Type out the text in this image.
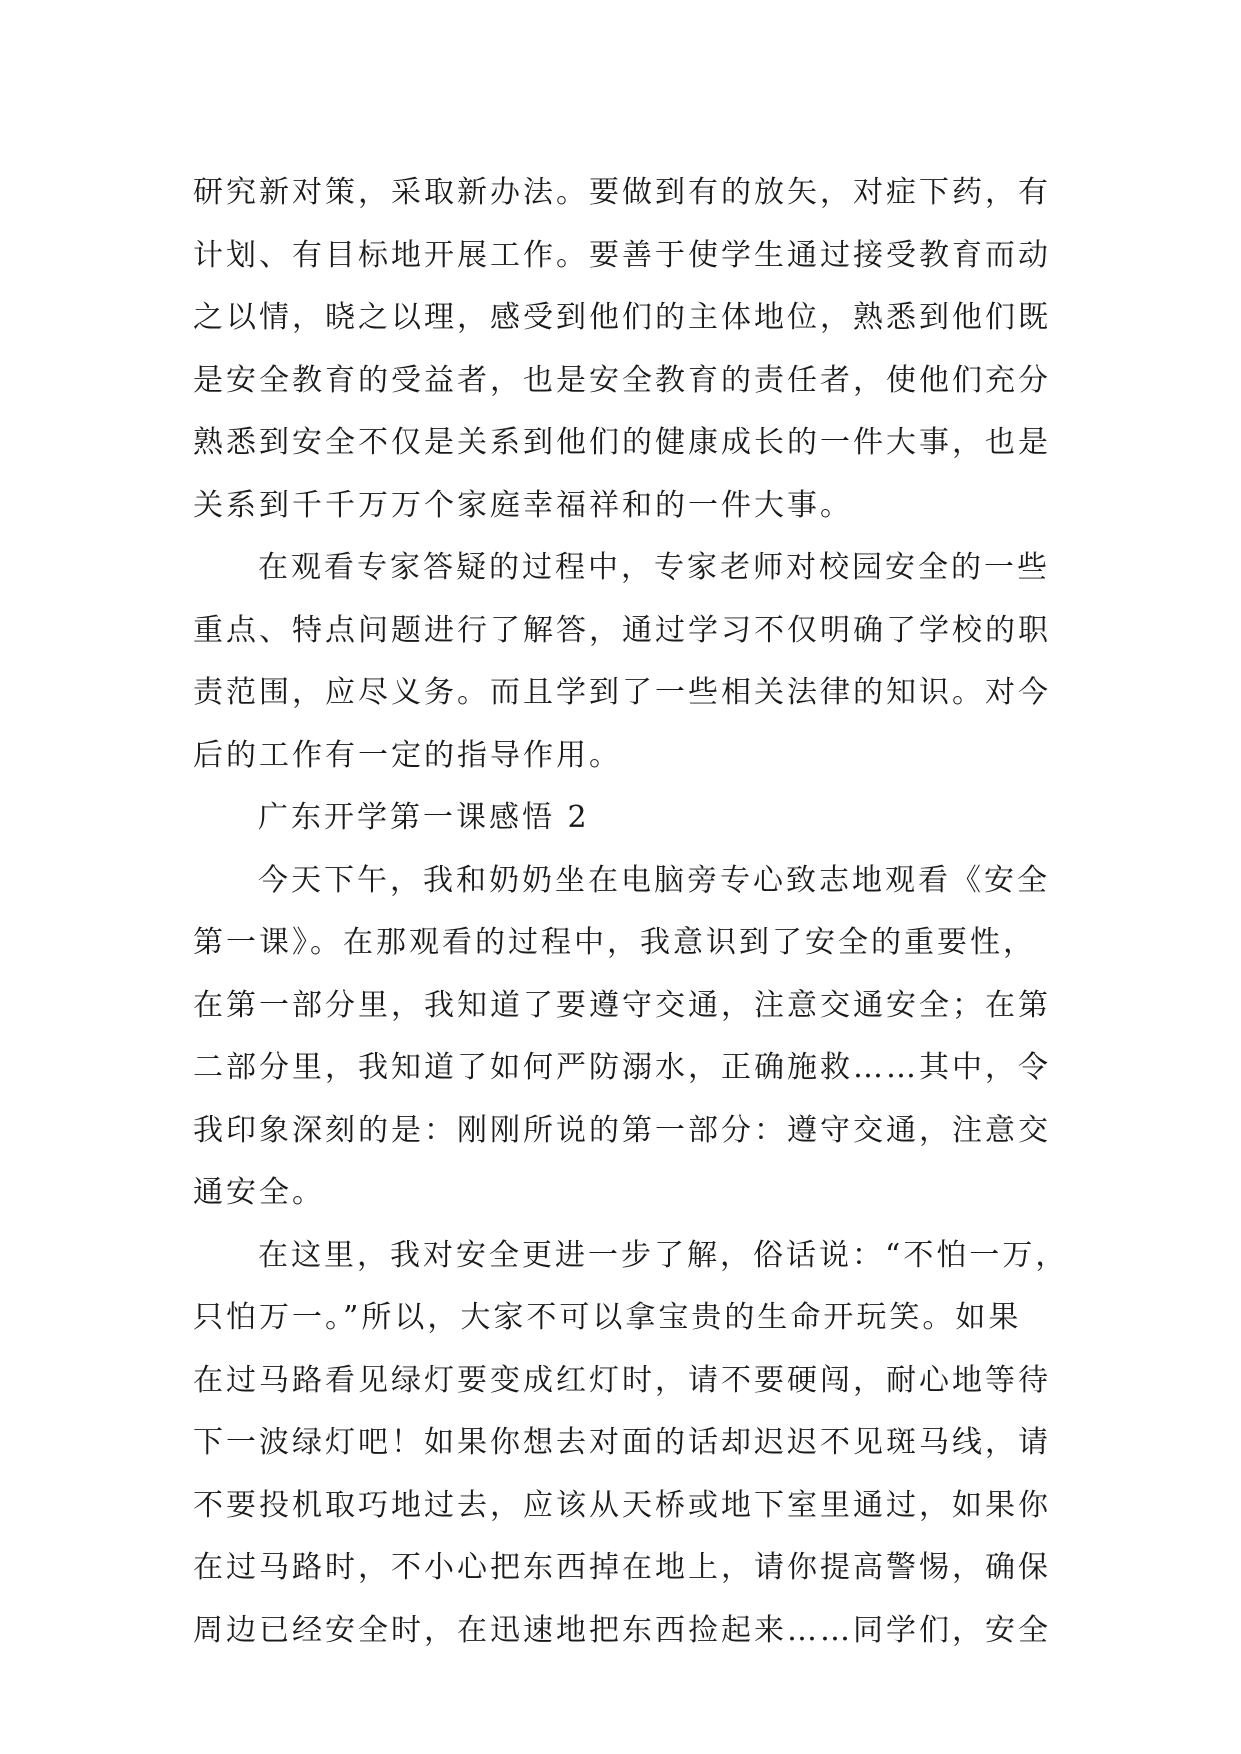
研究新对策，采取新办法。要做到有的放矢，对症下药，有
计划、有目标地开展工作。要善于使学生通过接受教育而动
之以情，晓之以理，感受到他们的主体地位，熟悉到他们既
是安全教育的受益者，也是安全教育的责任者，使他们充分
熟悉到安全不仅是关系到他们的健康成长的一件大事，也是
关系到千千万万个家庭幸福祥和的一件大事。
在观看专家答疑的过程中，专家老师对校园安全的一些
重点、特点问题进行了解答，通过学习不仅明确了学校的职
责范围，应尽义务。而且学到了一些相关法律的知识。对今
后的工作有一定的指导作用。
广东开学第一课感悟 2
今天下午，我和奶奶坐在电脑旁专心致志地观看《安全
第一课》。在那观看的过程中，我意识到了安全的重要性，
在第一部分里，我知道了要遵守交通，注意交通安全；在第
二部分里，我知道了如何严防溺水，正确施救……其中，令
我印象深刻的是：刚刚所说的第一部分：遵守交通，注意交
通安全。
在这里，我对安全更进一步了解，俗话说：“不怕一万，
只怕万一。”所以，大家不可以拿宝贵的生命开玩笑。如果
在过马路看见绿灯要变成红灯时，请不要硬闯，耐心地等待
下一波绿灯吧！如果你想去对面的话却迟迟不见斑马线，请
不要投机取巧地过去，应该从天桥或地下室里通过，如果你
在过马路时，不小心把东西掉在地上，请你提高警惕，确保
周边已经安全时，在迅速地把东西捡起来……同学们，安全
